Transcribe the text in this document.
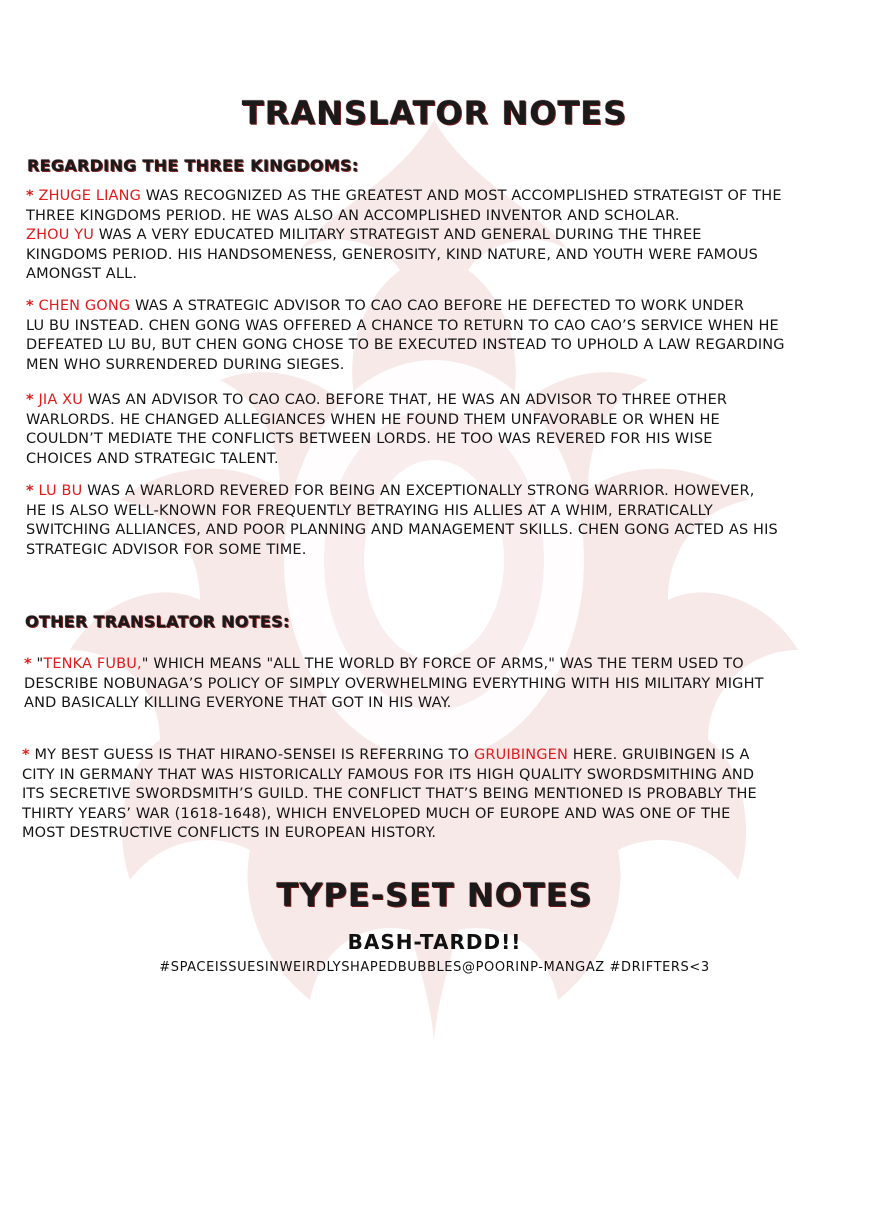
TRANSLATOR NOTES
REGARDING THE THREE KINGDOMS:
* ZHUGE LIANG WAS RECOGNIZED AS THE GREATEST AND MOST ACCOMPLISHED STRATEGIST OF THE
THREE KINGDOMS PERIOD. HE WAS ALSO AN ACCOMPLISHED INVENTOR AND SCHOLAR.
ZHOU YU WAS A VERY EDUCATED MILITARY STRATEGIST AND GENERAL DURING THE THREE
KINGDOMS PERIOD. HIS HANDSOMENESS, GENEROSITY, KIND NATURE, AND YOUTH WERE FAMOUS
AMONGST ALL.
* CHEN GONG WAS A STRATEGIC ADVISOR TO CAO CAO BEFORE HE DEFECTED TO WORK UNDER
LU BU INSTEAD. CHEN GONG WAS OFFERED A CHANCE TO RETURN TO CAO CAO’S SERVICE WHEN HE
DEFEATED LU BU, BUT CHEN GONG CHOSE TO BE EXECUTED INSTEAD TO UPHOLD A LAW REGARDING
MEN WHO SURRENDERED DURING SIEGES.
* JIA XU WAS AN ADVISOR TO CAO CAO. BEFORE THAT, HE WAS AN ADVISOR TO THREE OTHER
WARLORDS. HE CHANGED ALLEGIANCES WHEN HE FOUND THEM UNFAVORABLE OR WHEN HE
COULDN’T MEDIATE THE CONFLICTS BETWEEN LORDS. HE TOO WAS REVERED FOR HIS WISE
CHOICES AND STRATEGIC TALENT.
* LU BU WAS A WARLORD REVERED FOR BEING AN EXCEPTIONALLY STRONG WARRIOR. HOWEVER,
HE IS ALSO WELL-KNOWN FOR FREQUENTLY BETRAYING HIS ALLIES AT A WHIM, ERRATICALLY
SWITCHING ALLIANCES, AND POOR PLANNING AND MANAGEMENT SKILLS. CHEN GONG ACTED AS HIS
STRATEGIC ADVISOR FOR SOME TIME.
OTHER TRANSLATOR NOTES:
* "TENKA FUBU," WHICH MEANS "ALL THE WORLD BY FORCE OF ARMS," WAS THE TERM USED TO
DESCRIBE NOBUNAGA’S POLICY OF SIMPLY OVERWHELMING EVERYTHING WITH HIS MILITARY MIGHT
AND BASICALLY KILLING EVERYONE THAT GOT IN HIS WAY.
* MY BEST GUESS IS THAT HIRANO-SENSEI IS REFERRING TO GRUIBINGEN HERE. GRUIBINGEN IS A
CITY IN GERMANY THAT WAS HISTORICALLY FAMOUS FOR ITS HIGH QUALITY SWORDSMITHING AND
ITS SECRETIVE SWORDSMITH’S GUILD. THE CONFLICT THAT’S BEING MENTIONED IS PROBABLY THE
THIRTY YEARS’ WAR (1618-1648), WHICH ENVELOPED MUCH OF EUROPE AND WAS ONE OF THE
MOST DESTRUCTIVE CONFLICTS IN EUROPEAN HISTORY.
TYPE-SET NOTES
BASH-TARDD!!
#SPACEISSUESINWEIRDLYSHAPEDBUBBLES@POORINP-MANGAZ #DRIFTERS<3
